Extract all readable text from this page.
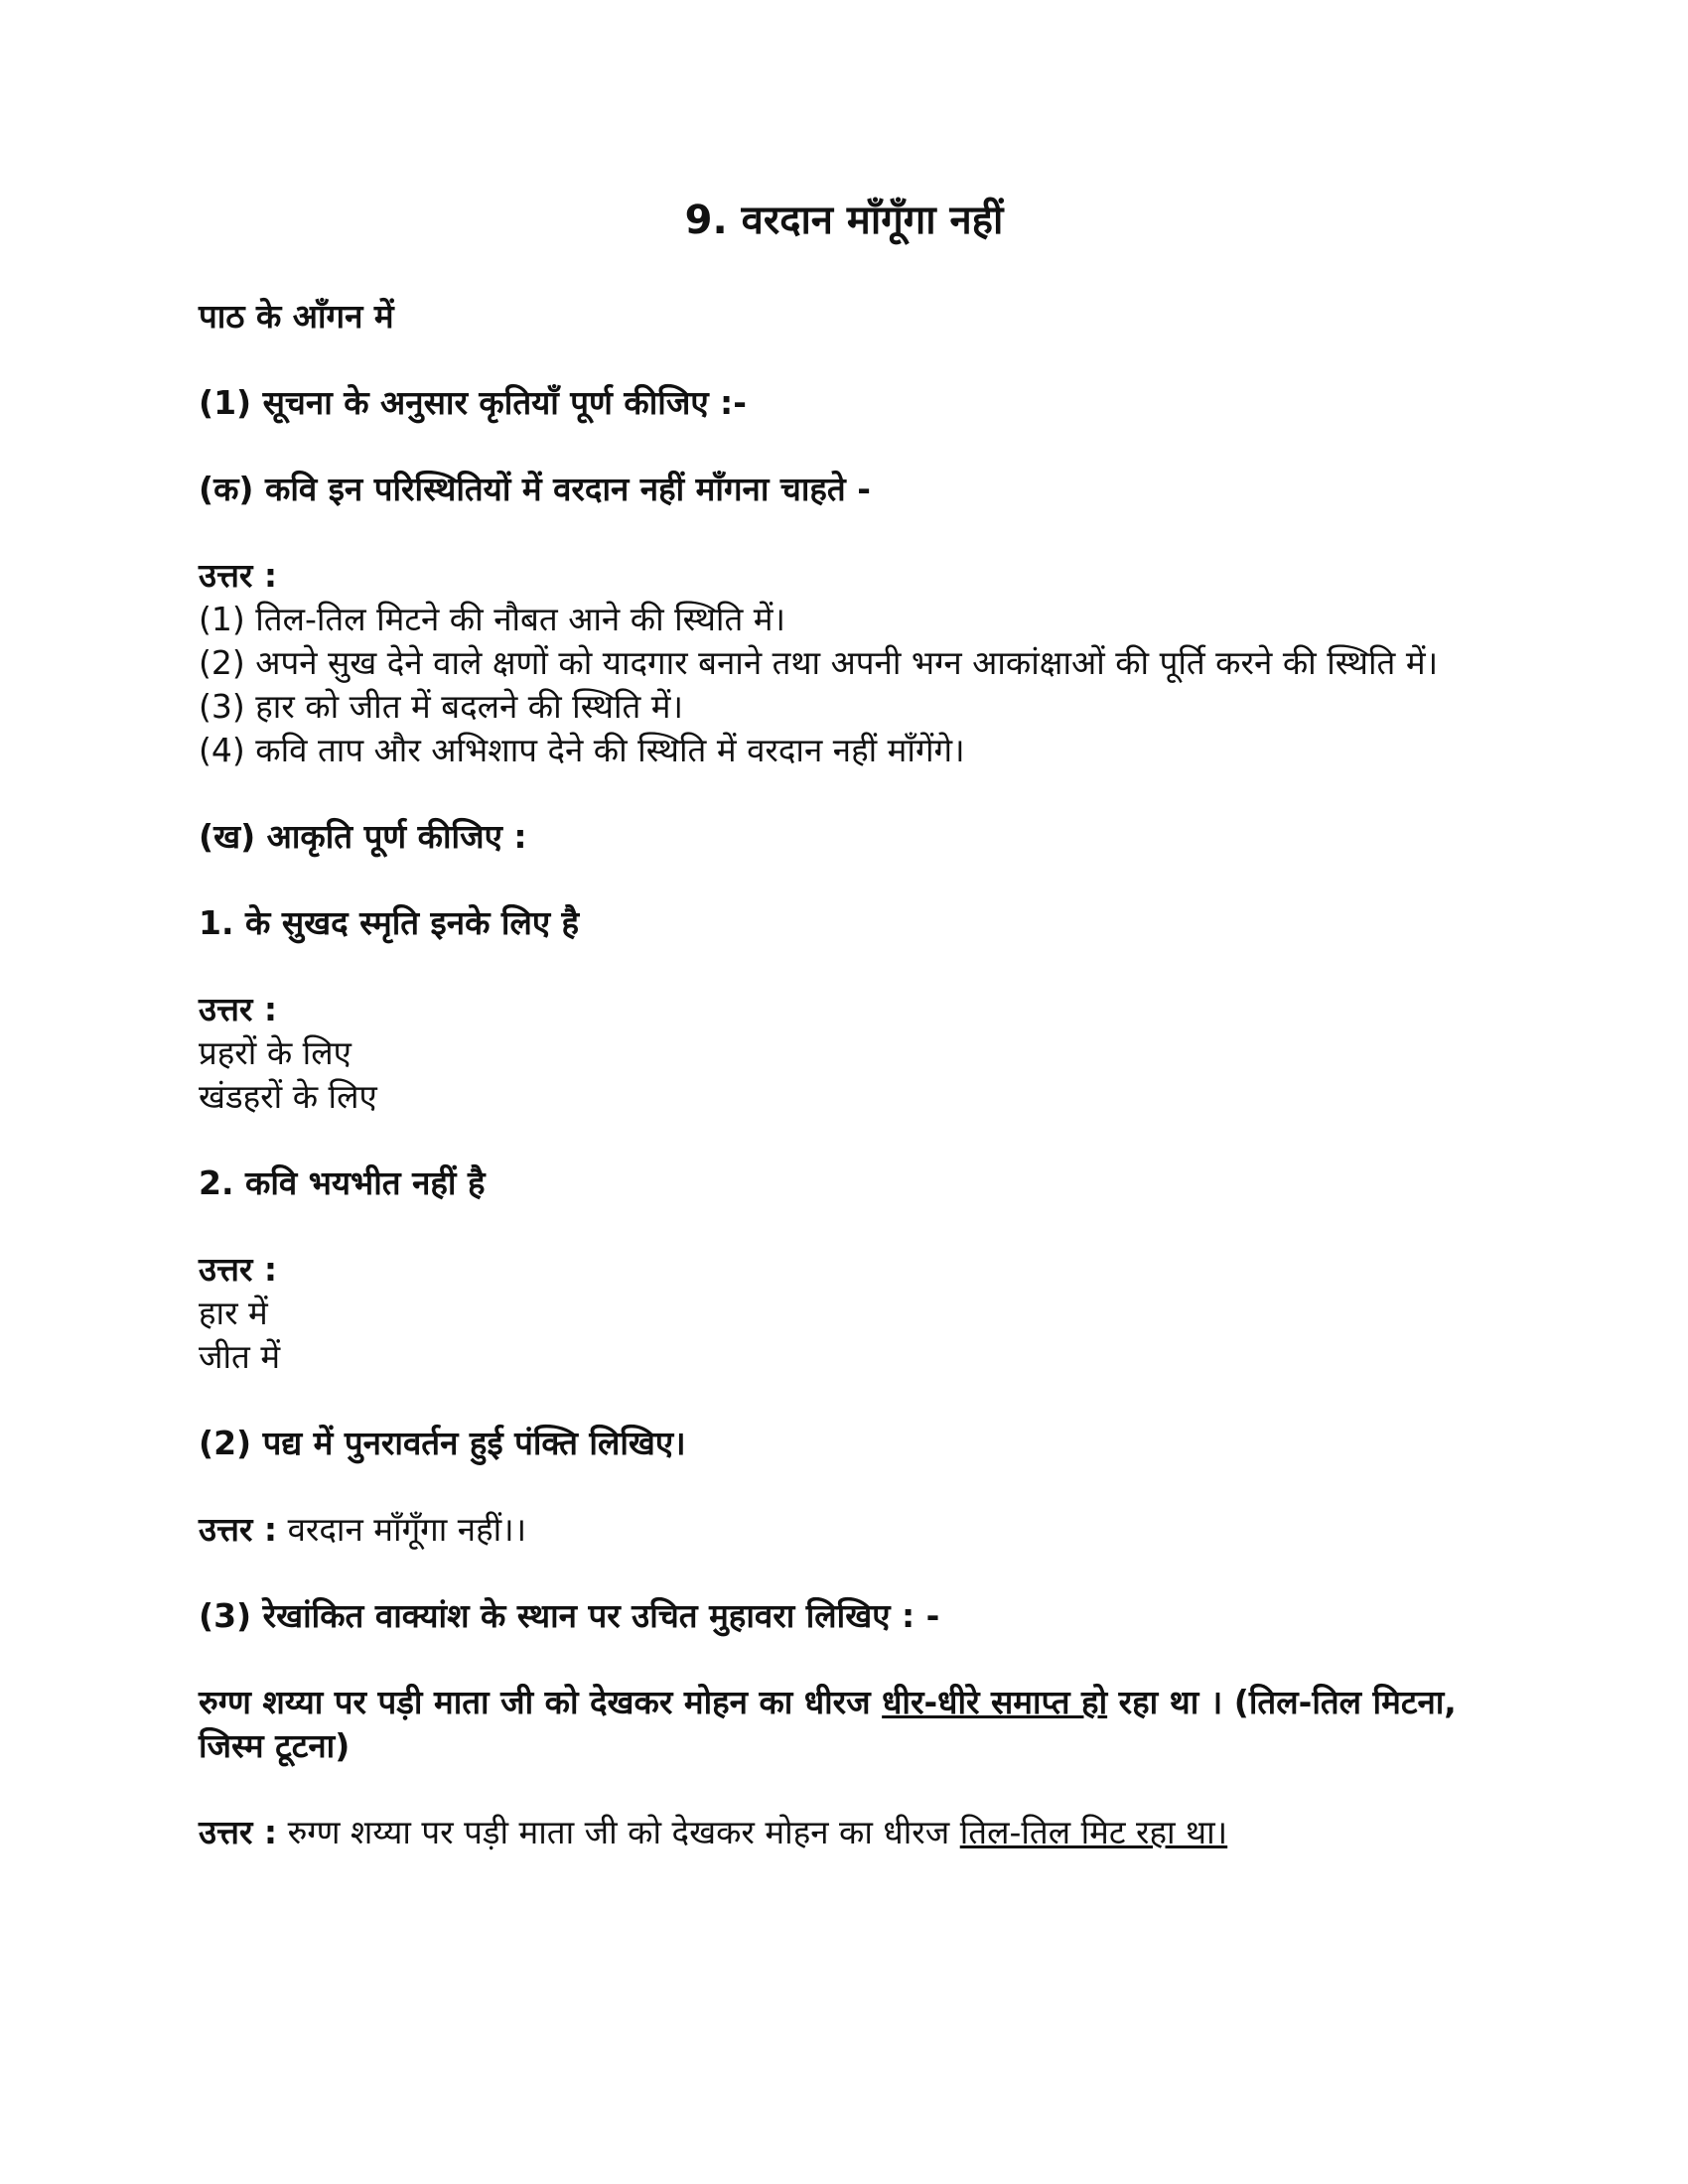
9. वरदान माँगूँगा नहीं
पाठ के आँगन में
(1) सूचना के अनुसार कृतियाँ पूर्ण कीजिए :-
(क) कवि इन परिस्थितियों में वरदान नहीं माँगना चाहते -
उत्तर :
(1) तिल-तिल मिटने की नौबत आने की स्थिति में।
(2) अपने सुख देने वाले क्षणों को यादगार बनाने तथा अपनी भग्न आकांक्षाओं की पूर्ति करने की स्थिति में।
(3) हार को जीत में बदलने की स्थिति में।
(4) कवि ताप और अभिशाप देने की स्थिति में वरदान नहीं माँगेंगे।
(ख) आकृति पूर्ण कीजिए :
1. के सुखद स्मृति इनके लिए है
उत्तर :
प्रहरों के लिए
खंडहरों के लिए
2. कवि भयभीत नहीं है
उत्तर :
हार में
जीत में
(2) पद्य में पुनरावर्तन हुई पंक्ति लिखिए।
उत्तर : वरदान माँगूँगा नहीं।।
(3) रेखांकित वाक्यांश के स्थान पर उचित मुहावरा लिखिए : -
रुग्ण शय्या पर पड़ी माता जी को देखकर मोहन का धीरज धीर-धीरे समाप्त हो रहा था । (तिल-तिल मिटना, जिस्म टूटना)
उत्तर : रुग्ण शय्या पर पड़ी माता जी को देखकर मोहन का धीरज तिल-तिल मिट रहा था।
